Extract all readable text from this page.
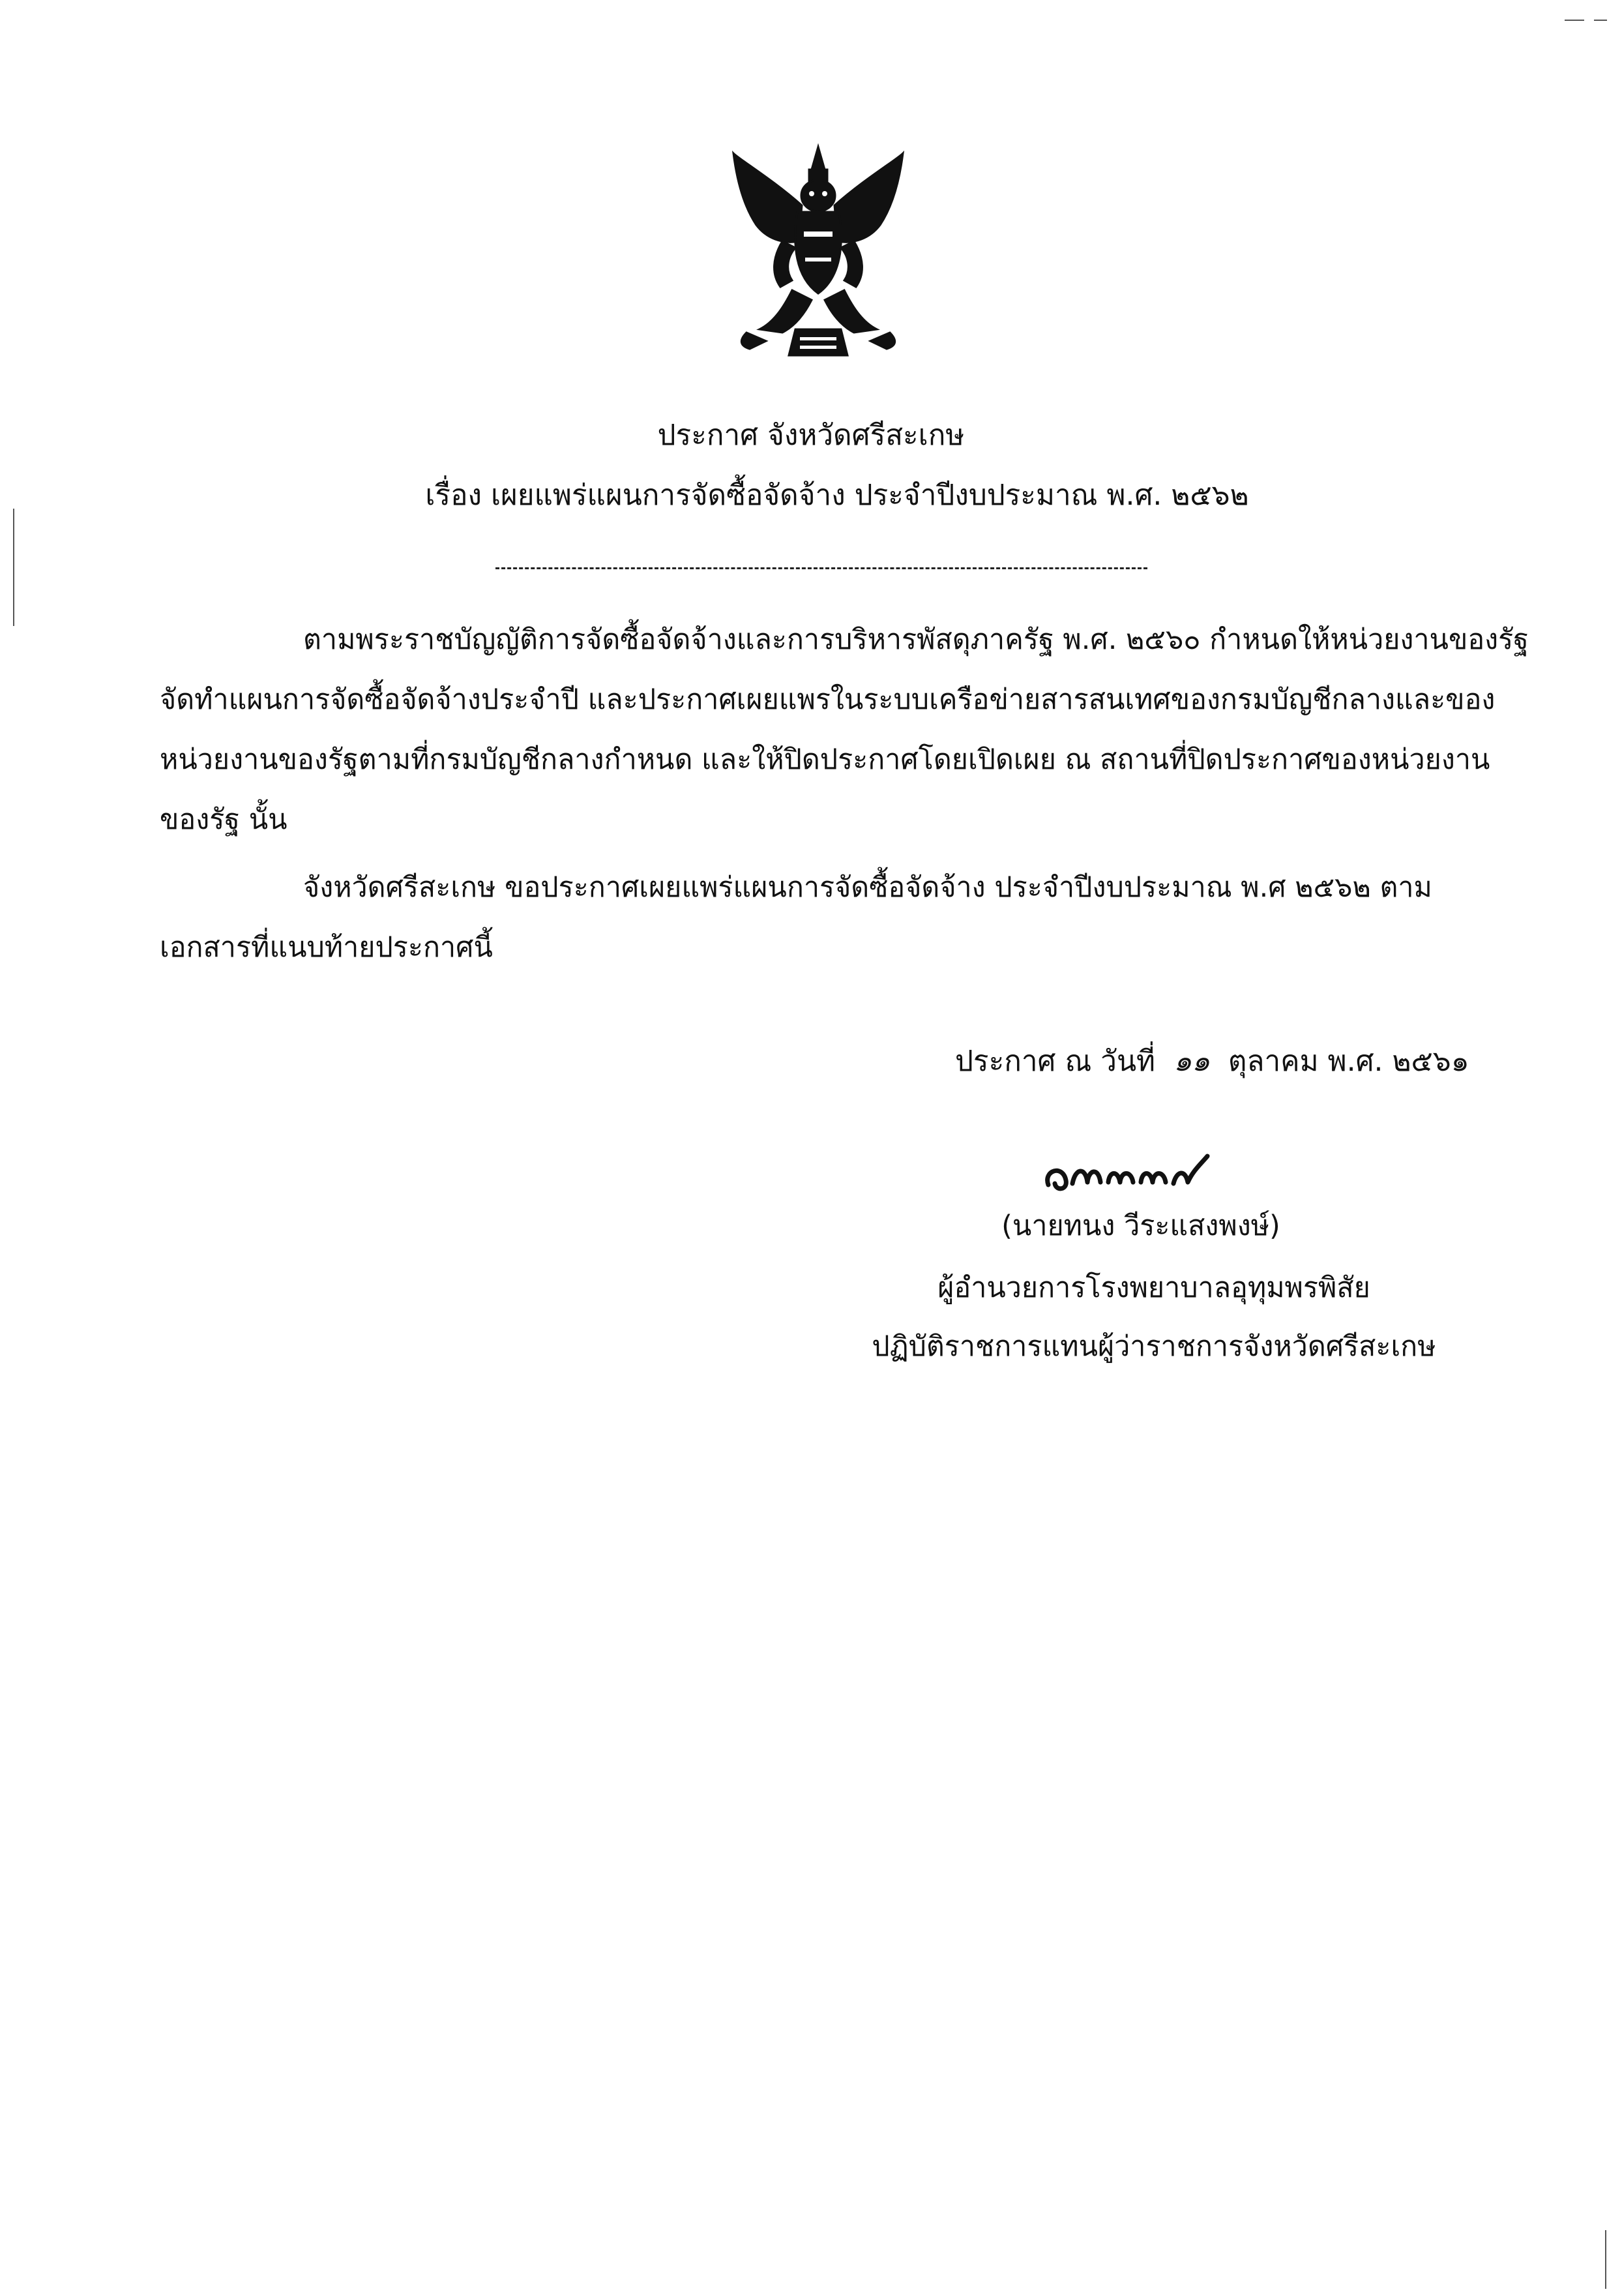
ประกาศ จังหวัดศรีสะเกษ
เรื่อง เผยแพร่แผนการจัดซื้อจัดจ้าง ประจำปีงบประมาณ พ.ศ. ๒๕๖๒
ตามพระราชบัญญัติการจัดซื้อจัดจ้างและการบริหารพัสดุภาครัฐ พ.ศ. ๒๕๖๐ กำหนดให้หน่วยงานของรัฐ
จัดทำแผนการจัดซื้อจัดจ้างประจำปี และประกาศเผยแพรในระบบเครือข่ายสารสนเทศของกรมบัญชีกลางและของ
หน่วยงานของรัฐตามที่กรมบัญชีกลางกำหนด และให้ปิดประกาศโดยเปิดเผย ณ สถานที่ปิดประกาศของหน่วยงาน
ของรัฐ นั้น
จังหวัดศรีสะเกษ ขอประกาศเผยแพร่แผนการจัดซื้อจัดจ้าง ประจำปีงบประมาณ พ.ศ ๒๕๖๒ ตาม
เอกสารที่แนบท้ายประกาศนี้
ประกาศ ณ วันที่ ๑๑ ตุลาคม พ.ศ. ๒๕๖๑
(นายทนง วีระแสงพงษ์)
ผู้อำนวยการโรงพยาบาลอุทุมพรพิสัย
ปฏิบัติราชการแทนผู้ว่าราชการจังหวัดศรีสะเกษ
